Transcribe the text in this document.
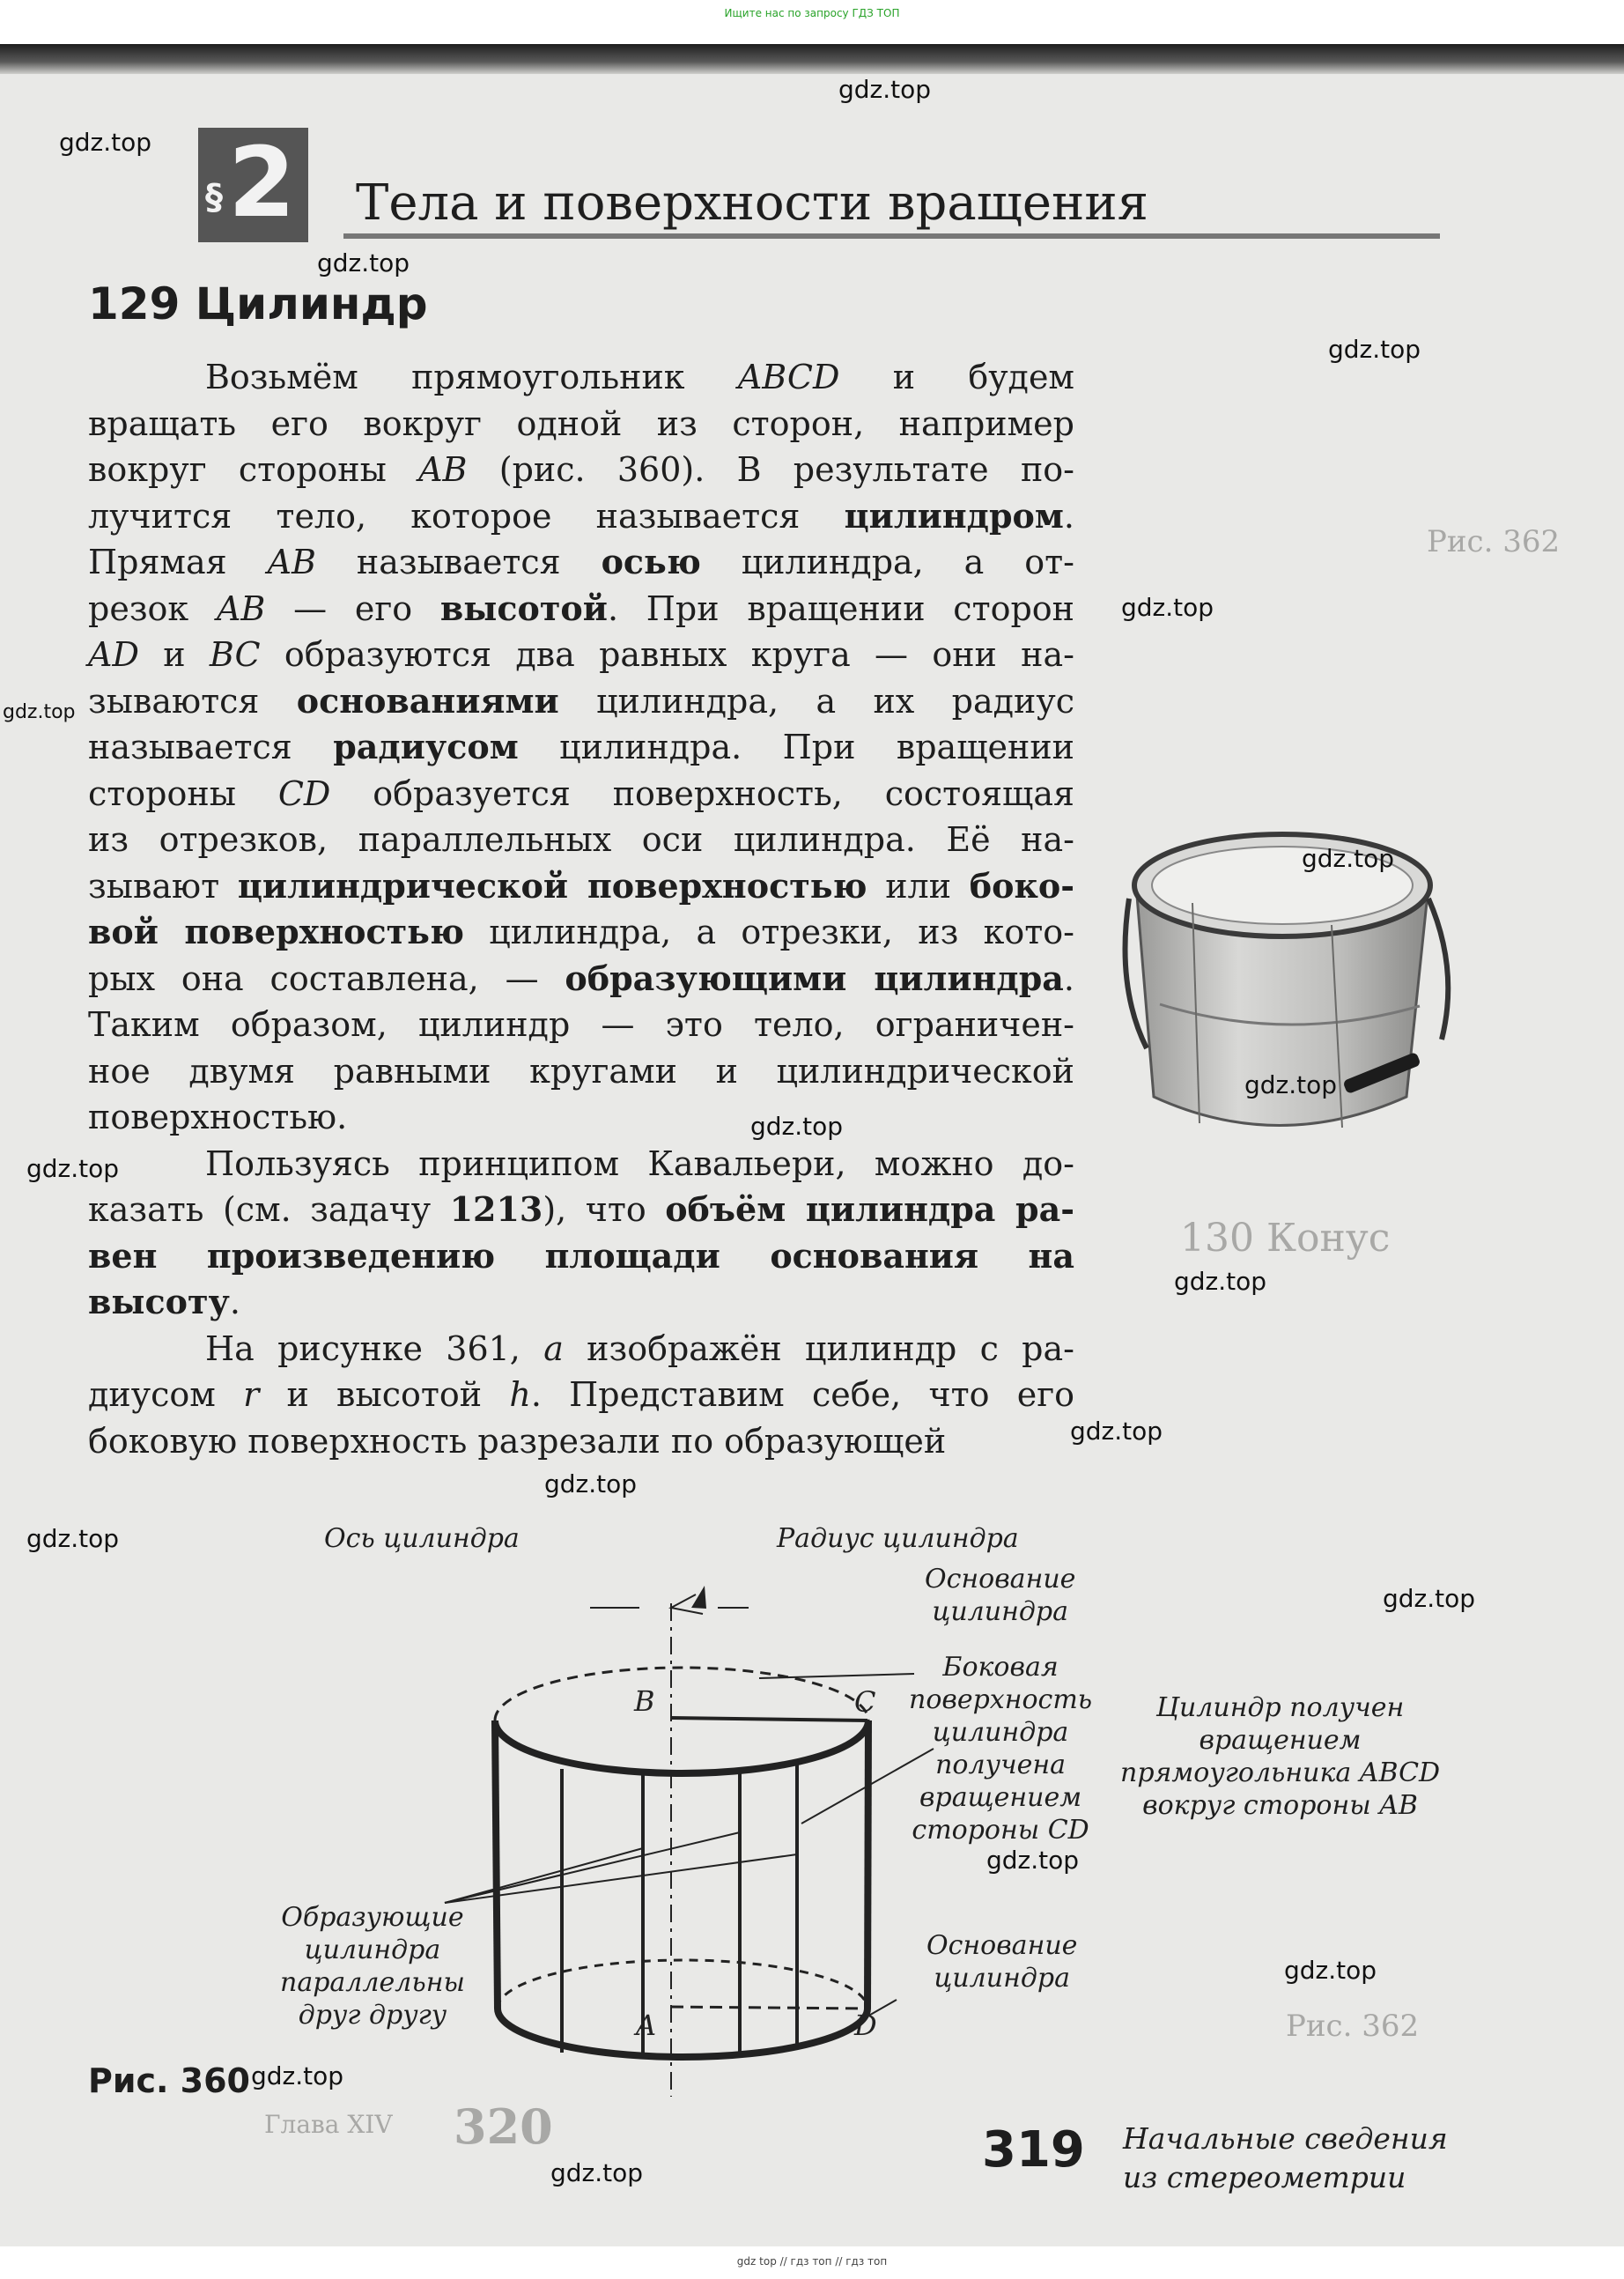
Ищите нас по запросу ГДЗ ТОП
Рис. 362
130 Конус
Рис. 362
320
Глава XIV
gdz.top
gdz.top
gdz.top
gdz.top
gdz.top
gdz.top
gdz.top
gdz.top
gdz.top
gdz.top
gdz.top
gdz.top
gdz.top
gdz.top
gdz.top
gdz.top
gdz.top
gdz.top
gdz.top
§ 2 Тела и поверхности вращения
129 Цилиндр

Возьмём прямоугольник ABCD и будем

вращать его вокруг одной из сторон, например

вокруг стороны AB (рис. 360). В результате по-

лучится тело, которое называется цилиндром.

Прямая AB называется осью цилиндра, а от-

резок AB — его высотой. При вращении сторон

AD и BC образуются два равных круга — они на-

зываются основаниями цилиндра, а их радиус

называется радиусом цилиндра. При вращении

стороны CD образуется поверхность, состоящая

из отрезков, параллельных оси цилиндра. Её на-

зывают цилиндрической поверхностью или боко-

вой поверхностью цилиндра, а отрезки, из кото-

рых она составлена, — образующими цилиндра.

Таким образом, цилиндр — это тело, ограничен-

ное двумя равными кругами и цилиндрической

поверхностью.

Пользуясь принципом Кавальери, можно до-

казать (см. задачу 1213), что объём цилиндра ра-

вен произведению площади основания на высоту.

На рисунке 361, а изображён цилиндр с ра-

диусом r и высотой h. Представим себе, что его

боковую поверхность разрезали по образующей

B	C
A	D
Ось цилиндра	Радиус цилиндра
Основание
цилиндра
Боковая
поверхность
цилиндра
получена
вращением
стороны CD
Образующие
цилиндра
параллельны
друг другу
Основание
цилиндра
Цилиндр получен
вращением
прямоугольника ABCD
вокруг стороны AB
Рис. 360
319 Начальные сведения
из стереометрии
gdz top // гдз топ // гдз топ
